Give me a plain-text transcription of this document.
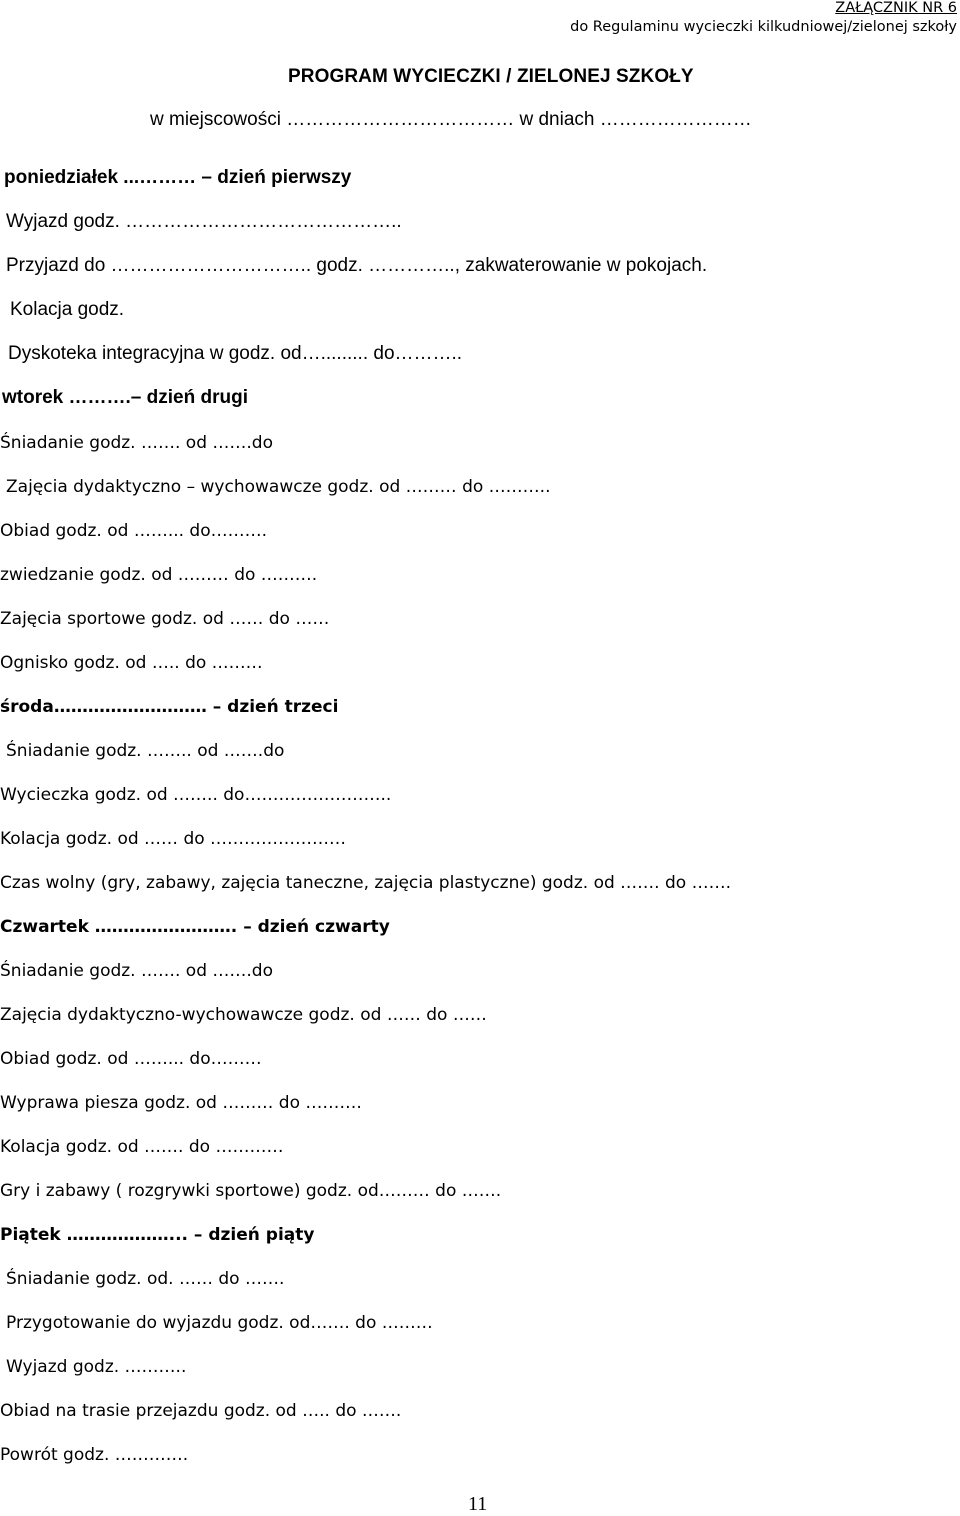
ZAŁĄCZNIK NR 6
do Regulaminu wycieczki kilkudniowej/zielonej szkoły
PROGRAM WYCIECZKI / ZIELONEJ SZKOŁY
w miejscowości ……………………………… w dniach ……………………
poniedziałek ...……… – dzień pierwszy
Wyjazd godz. ……………………………………..
Przyjazd do ………………………….. godz. ………….., zakwaterowanie w pokojach.
Kolacja godz.
Dyskoteka integracyjna w godz. od…......... do………..
wtorek ……….– dzień drugi
Śniadanie godz. ……. od …….do
Zajęcia dydaktyczno – wychowawcze godz. od ……… do ………..
Obiad godz. od ……... do……….
zwiedzanie godz. od ……… do ……….
Zajęcia sportowe godz. od …… do ……
Ognisko godz. od ….. do ………
środa……………………… – dzień trzeci
Śniadanie godz. …….. od …….do
Wycieczka godz. od …….. do……………………..
Kolacja godz. od …… do ……………………
Czas wolny (gry, zabawy, zajęcia taneczne, zajęcia plastyczne) godz. od ……. do …….
Czwartek ……………………. – dzień czwarty
Śniadanie godz. ……. od …….do
Zajęcia dydaktyczno-wychowawcze godz. od …… do ……
Obiad godz. od ……... do………
Wyprawa piesza godz. od ……… do ……….
Kolacja godz. od ……. do …………
Gry i zabawy ( rozgrywki sportowe) godz. od……… do …….
Piątek ………………... – dzień piąty
Śniadanie godz. od. …… do …….
Przygotowanie do wyjazdu godz. od……. do ………
Wyjazd godz. ………..
Obiad na trasie przejazdu godz. od ….. do …….
Powrót godz. ………….
11
